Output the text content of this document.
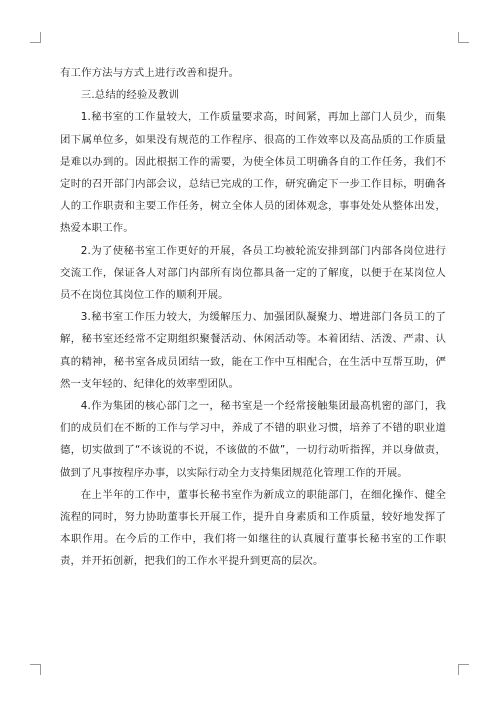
有工作方法与方式上进行改善和提升。

三.总结的经验及教训

1.秘书室的工作量较大，工作质量要求高，时间紧，再加上部门人员少，而集团下属单位多，如果没有规范的工作程序、很高的工作效率以及高品质的工作质量是难以办到的。因此根据工作的需要，为使全体员工明确各自的工作任务，我们不定时的召开部门内部会议，总结已完成的工作，研究确定下一步工作目标，明确各人的工作职责和主要工作任务，树立全体人员的团体观念，事事处处从整体出发，热爱本职工作。

2.为了使秘书室工作更好的开展，各员工均被轮流安排到部门内部各岗位进行交流工作，保证各人对部门内部所有岗位都具备一定的了解度，以便于在某岗位人员不在岗位其岗位工作的顺利开展。

3.秘书室工作压力较大，为缓解压力、加强团队凝聚力、增进部门各员工的了解，秘书室还经常不定期组织聚餐活动、休闲活动等。本着团结、活泼、严肃、认真的精神，秘书室各成员团结一致，能在工作中互相配合，在生活中互帮互助，俨然一支年轻的、纪律化的效率型团队。

4.作为集团的核心部门之一，秘书室是一个经常接触集团最高机密的部门，我们的成员们在不断的工作与学习中，养成了不错的职业习惯，培养了不错的职业道德，切实做到了“不该说的不说，不该做的不做”，一切行动听指挥，并以身做责，做到了凡事按程序办事，以实际行动全力支持集团规范化管理工作的开展。

在上半年的工作中，董事长秘书室作为新成立的职能部门，在细化操作、健全流程的同时，努力协助董事长开展工作，提升自身素质和工作质量，较好地发挥了本职作用。在今后的工作中，我们将一如继往的认真履行董事长秘书室的工作职责，并开拓创新，把我们的工作水平提升到更高的层次。
